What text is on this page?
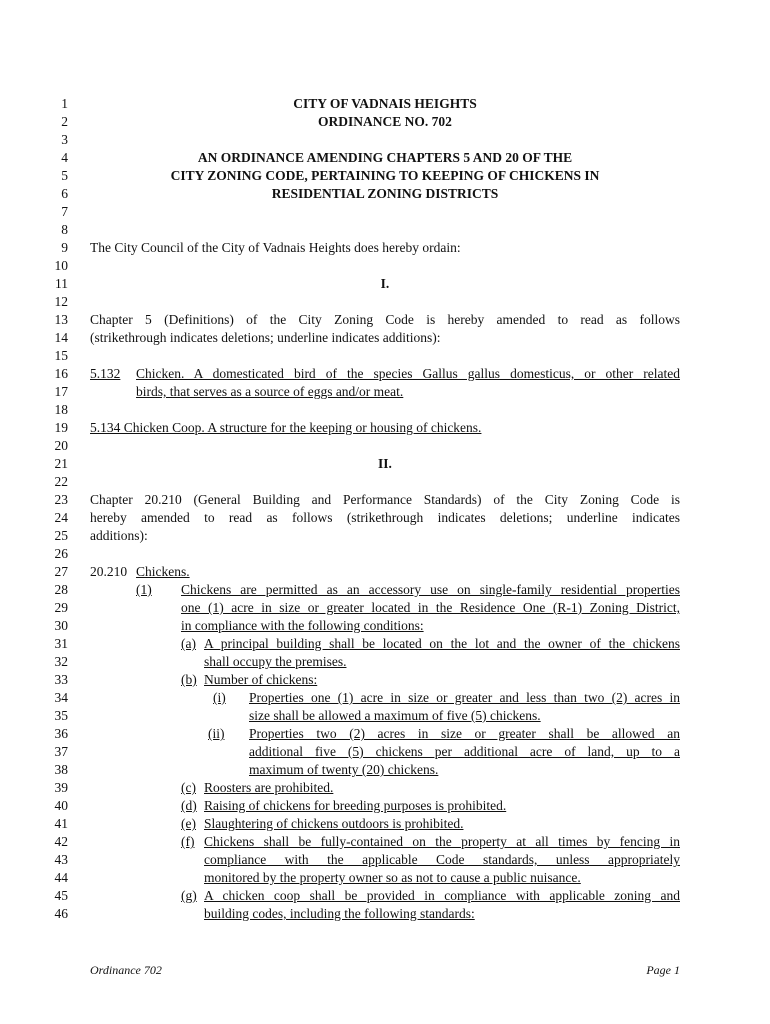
1
2
3
4
5
6
7
8
9
10
11
12
13
14
15
16
17
18
19
20
21
22
23
24
25
26
27
28
29
30
31
32
33
34
35
36
37
38
39
40
41
42
43
44
45
46
CITY OF VADNAIS HEIGHTS
ORDINANCE NO. 702
AN ORDINANCE AMENDING CHAPTERS 5 AND 20 OF THE
CITY ZONING CODE, PERTAINING TO KEEPING OF CHICKENS IN
RESIDENTIAL ZONING DISTRICTS
The City Council of the City of Vadnais Heights does hereby ordain:
I.
Chapter 5 (Definitions) of the City Zoning Code is hereby amended to read as follows
(strikethrough indicates deletions; underline indicates additions):
5.132 Chicken. A domesticated bird of the species Gallus gallus domesticus, or other related
birds, that serves as a source of eggs and/or meat.
5.134 Chicken Coop. A structure for the keeping or housing of chickens.
II.
Chapter 20.210 (General Building and Performance Standards) of the City Zoning Code is
hereby amended to read as follows (strikethrough indicates deletions; underline indicates
additions):
20.210 Chickens.
(1) Chickens are permitted as an accessory use on single-family residential properties
one (1) acre in size or greater located in the Residence One (R-1) Zoning District,
in compliance with the following conditions:
(a) A principal building shall be located on the lot and the owner of the chickens
shall occupy the premises.
(b) Number of chickens:
(i) Properties one (1) acre in size or greater and less than two (2) acres in
size shall be allowed a maximum of five (5) chickens.
(ii) Properties two (2) acres in size or greater shall be allowed an
additional five (5) chickens per additional acre of land, up to a
maximum of twenty (20) chickens.
(c) Roosters are prohibited.
(d) Raising of chickens for breeding purposes is prohibited.
(e) Slaughtering of chickens outdoors is prohibited.
(f) Chickens shall be fully-contained on the property at all times by fencing in
compliance with the applicable Code standards, unless appropriately
monitored by the property owner so as not to cause a public nuisance.
(g) A chicken coop shall be provided in compliance with applicable zoning and
building codes, including the following standards:
Ordinance 702	Page 1
